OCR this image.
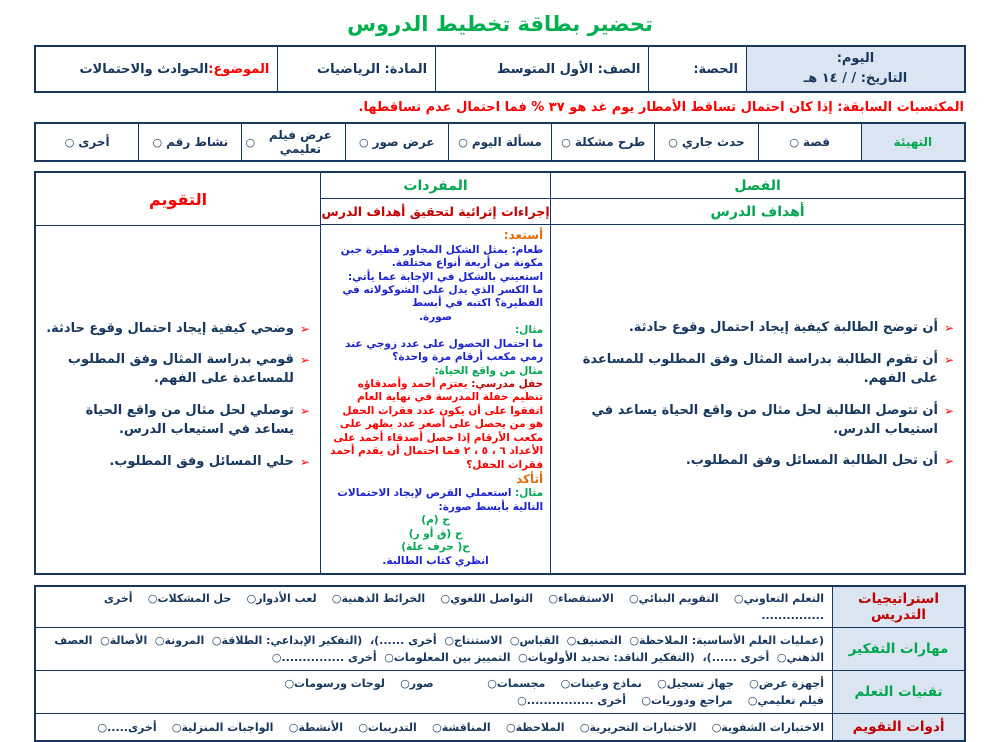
تحضير بطاقة تخطيط الدروس
اليوم:
التاريخ: / / ١٤ هـ
الحصة:
الصف: الأول المتوسط
المادة: الرياضيات
الموضوع:
الحوادث والاحتمالات
المكتسبات السابقة: إذا كان احتمال تساقط الأمطار يوم غد هو ٣٧ % فما احتمال عدم تساقطها.
التهيئة
قصة
○
حدث جاري
○
طرح مشكلة
○
مسألة اليوم
○
عرض صور
○
عرض فيلم تعليمي
○
نشاط رقم
○
أخرى
○
الفصل
أهداف الدرس
➢
أن توضح الطالبة كيفية إيجاد احتمال وقوع حادثة.
➢
أن تقوم الطالبة بدراسة المثال وفق المطلوب للمساعدة على الفهم.
➢
أن تتوصل الطالبة لحل مثال من واقع الحياة يساعد في استيعاب الدرس.
➢
أن تحل الطالبة المسائل وفق المطلوب.
المفردات
إجراءات إثرائية لتحقيق أهداف الدرس
أستعد:
طعام: يمثل الشكل المجاور فطيرة جبن مكونة من أربعة أنواع مختلفة.
استعيني بالشكل في الإجابة عما يأتي:
ما الكسر الذي يدل على الشوكولاته في الفطيرة؟ اكتبه في أبسط
صورة.
مثال:
ما احتمال الحصول على عدد زوجي عند رمي مكعب أرقام مرة واحدة؟
مثال من واقع الحياة:
حفل مدرسي: يعتزم أحمد وأصدقاؤه تنظيم حفلة المدرسة في نهاية العام اتفقوا على أن يكون عدد فقرات الحفل هو من يحصل على أصغر عدد يظهر على مكعب الأرقام إذا حصل أصدقاء أحمد على الأعداد ٦ ، ٥ ، ٢ فما احتمال أن يقدم أحمد فقرات الحفل؟
أتأكد
مثال: استعملي القرص لإيجاد الاحتمالات التالية بأبسط صورة:
ح (م)
ح (ق أو ر)
ح( حرف علة)
انظري كتاب الطالبة.
التقويم
➢
وضحي كيفية إيجاد احتمال وقوع حادثة.
➢
قومي بدراسة المثال وفق المطلوب للمساعدة على الفهم.
➢
توصلي لحل مثال من واقع الحياة يساعد في استيعاب الدرس.
➢
حلي المسائل وفق المطلوب.
استراتيجيات التدريس
التعلم التعاوني○    التقويم البنائي○    الاستقصاء○    التواصل اللغوي○    الخرائط الذهنية○    لعب الأدوار○    حل المشكلات○    أخرى ...............
مهارات التفكير
(عمليات العلم الأساسية: الملاحظة○  التصنيف○  القياس○  الاستنتاج○  أخرى ......)،  (التفكير الإبداعي: الطلاقة○  المرونة○  الأصالة○  العصف الذهني○  أخرى ......)،  (التفكير الناقد: تحديد الأولويات○  التمييز بين المعلومات○  أخرى ...............○
تقنيات التعلم
أجهزة عرض○    جهاز تسجيل○    نماذج وعينات○    مجسمات○              صور○    لوحات ورسومات○
فيلم تعليمي○    مراجع ودوريات○    أخرى ................○
أدوات التقويم
الاختبارات الشفوية○    الاختبارات التحريرية○    الملاحظة○    المناقشة○    التدريبات○    الأنشطة○    الواجبات المنزلية○    أخرى.....○
